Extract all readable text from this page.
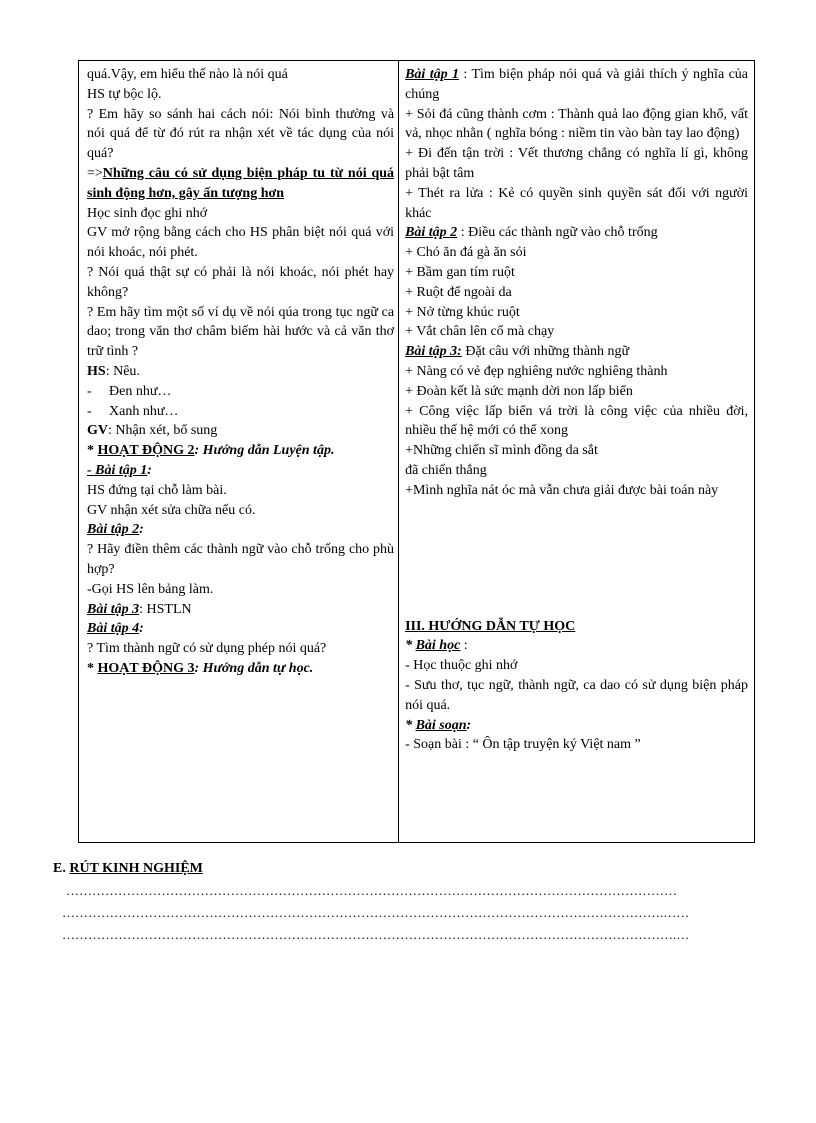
quá.Vậy, em hiểu thế nào là nói quá

HS tự bộc lộ.

? Em hãy so sánh hai cách nói: Nói bình thường và nói quá để từ đó rút ra nhận xét về tác dụng của nói quá?

=>Những câu có sử dụng biện pháp tu từ nói quá sinh động hơn, gây ấn tượng hơn

Học sinh đọc ghi nhớ

GV mở rộng bằng cách cho HS phân biệt nói quá với nói khoác, nói phét.

? Nói quá thật sự có phải là nói khoác, nói phét hay không?

? Em hãy tìm một số ví dụ về nói qúa trong tục ngữ ca dao; trong văn thơ châm biếm hài hước và cả văn thơ trữ tình ?

HS: Nêu.

-	Đen như…
-	Xanh như…

GV: Nhận xét, bổ sung

* HOẠT ĐỘNG 2: Hướng dẫn Luyện tập.

- Bài tập 1:

HS đứng tại chỗ làm bài.

GV nhận xét sửa chữa nếu có.

Bài tập 2:

? Hãy điền thêm các thành ngữ vào chỗ trống cho phù hợp?

-Gọi HS lên bảng làm.

Bài tập 3: HSTLN

Bài tập 4:

? Tìm thành ngữ có sử dụng phép nói quá?

* HOẠT ĐỘNG 3: Hướng dẫn tự học.

Bài tập 1 : Tìm biện pháp nói quá và giải thích ý nghĩa của chúng

+ Sỏi đá cũng thành cơm : Thành quả lao động gian khổ, vất vả, nhọc nhằn ( nghĩa bóng : niềm tin vào bàn tay lao động)

+ Đi đến tận trời : Vết thương chẳng có nghĩa lí gì, không phải bật tâm

+ Thét ra lửa : Kẻ có quyền sinh quyền sát đối với người khác

Bài tập 2 : Điều các thành ngữ vào chỗ trống

+ Chó ăn đá gà ăn sỏi

+ Bầm gan tím ruột

+ Ruột để ngoài da

+ Nở từng khúc ruột

+ Vắt chân lên cổ mà chạy

Bài tập 3: Đặt câu với những thành ngữ

+ Nàng có vẻ đẹp nghiêng nước nghiêng thành

+ Đoàn kết là sức mạnh dời non lấp biển

+ Công việc lấp biển vá trời là công việc của nhiều đời, nhiều thế hệ mới có thể xong

+Những chiến sĩ mình đồng da sắt

đã chiến thắng

+Mình nghĩa nát óc mà vẫn chưa giải được bài toán này

III. HƯỚNG DẪN TỰ HỌC

* Bài học :

- Học thuộc ghi nhớ

- Sưu thơ, tục ngữ, thành ngữ, ca dao có sử dụng biện pháp nói quá.

* Bài soạn:

- Soạn bài : “ Ôn tập truyện ký Việt nam ”

E. RÚT KINH NGHIỆM
……………………………………………………………………………………………………………………………
………………………………………………………………………………………………………………………….……
…………………………………………………………………………………………………………………………….…
